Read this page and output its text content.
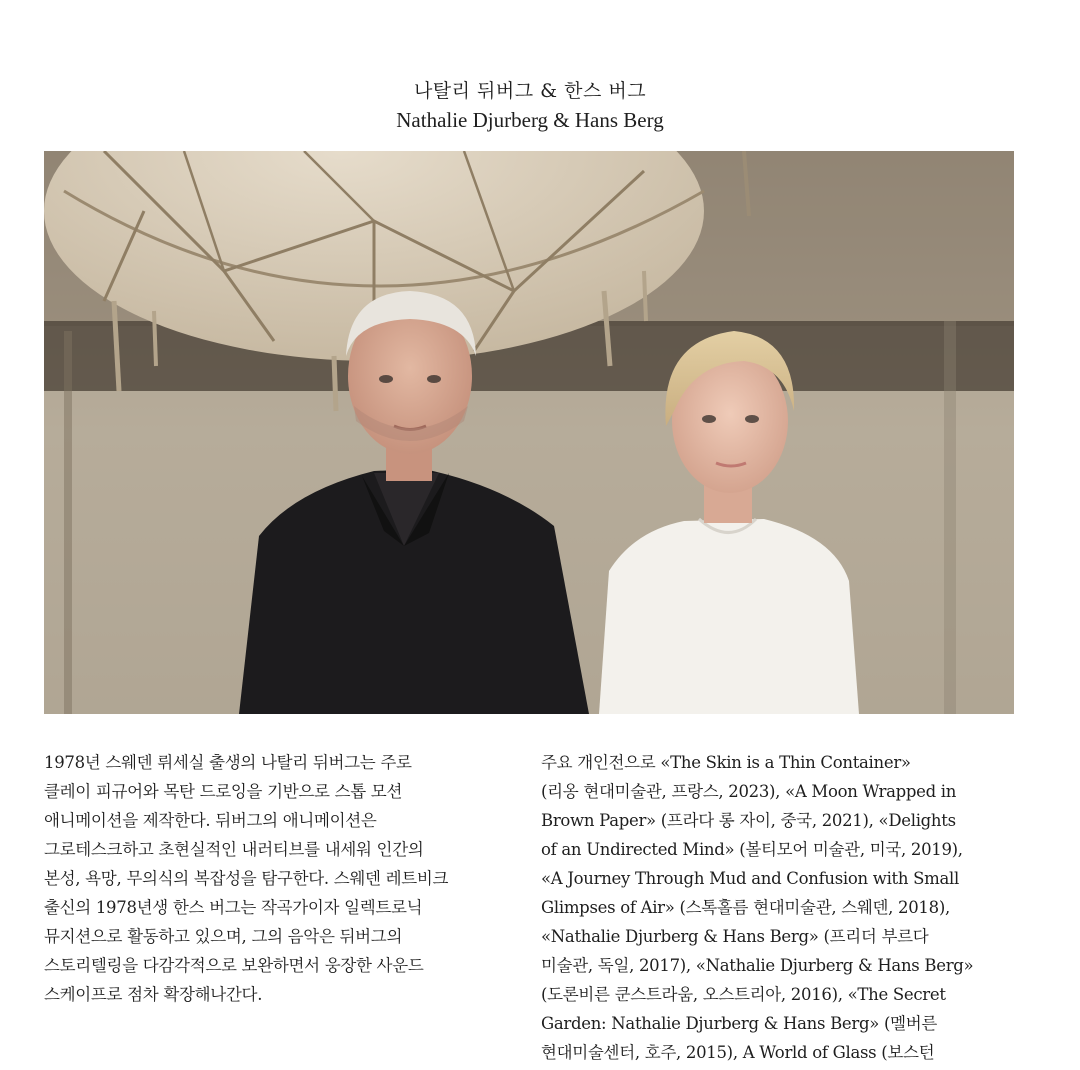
나탈리 뒤버그 & 한스 버그
Nathalie Djurberg & Hans Berg
1978년 스웨덴 뤼세실 출생의 나탈리 뒤버그는 주로
클레이 피규어와 목탄 드로잉을 기반으로 스톱 모션
애니메이션을 제작한다. 뒤버그의 애니메이션은
그로테스크하고 초현실적인 내러티브를 내세워 인간의
본성, 욕망, 무의식의 복잡성을 탐구한다. 스웨덴 레트비크
출신의 1978년생 한스 버그는 작곡가이자 일렉트로닉
뮤지션으로 활동하고 있으며, 그의 음악은 뒤버그의
스토리텔링을 다감각적으로 보완하면서 웅장한 사운드
스케이프로 점차 확장해나간다.
주요 개인전으로 «The Skin is a Thin Container»
(리옹 현대미술관, 프랑스, 2023), «A Moon Wrapped in
Brown Paper» (프라다 롱 자이, 중국, 2021), «Delights
of an Undirected Mind» (볼티모어 미술관, 미국, 2019),
«A Journey Through Mud and Confusion with Small
Glimpses of Air» (스톡홀름 현대미술관, 스웨덴, 2018),
«Nathalie Djurberg & Hans Berg» (프리더 부르다
미술관, 독일, 2017), «Nathalie Djurberg & Hans Berg»
(도론비른 쿤스트라움, 오스트리아, 2016), «The Secret
Garden: Nathalie Djurberg & Hans Berg» (멜버른
현대미술센터, 호주, 2015), A World of Glass (보스턴
